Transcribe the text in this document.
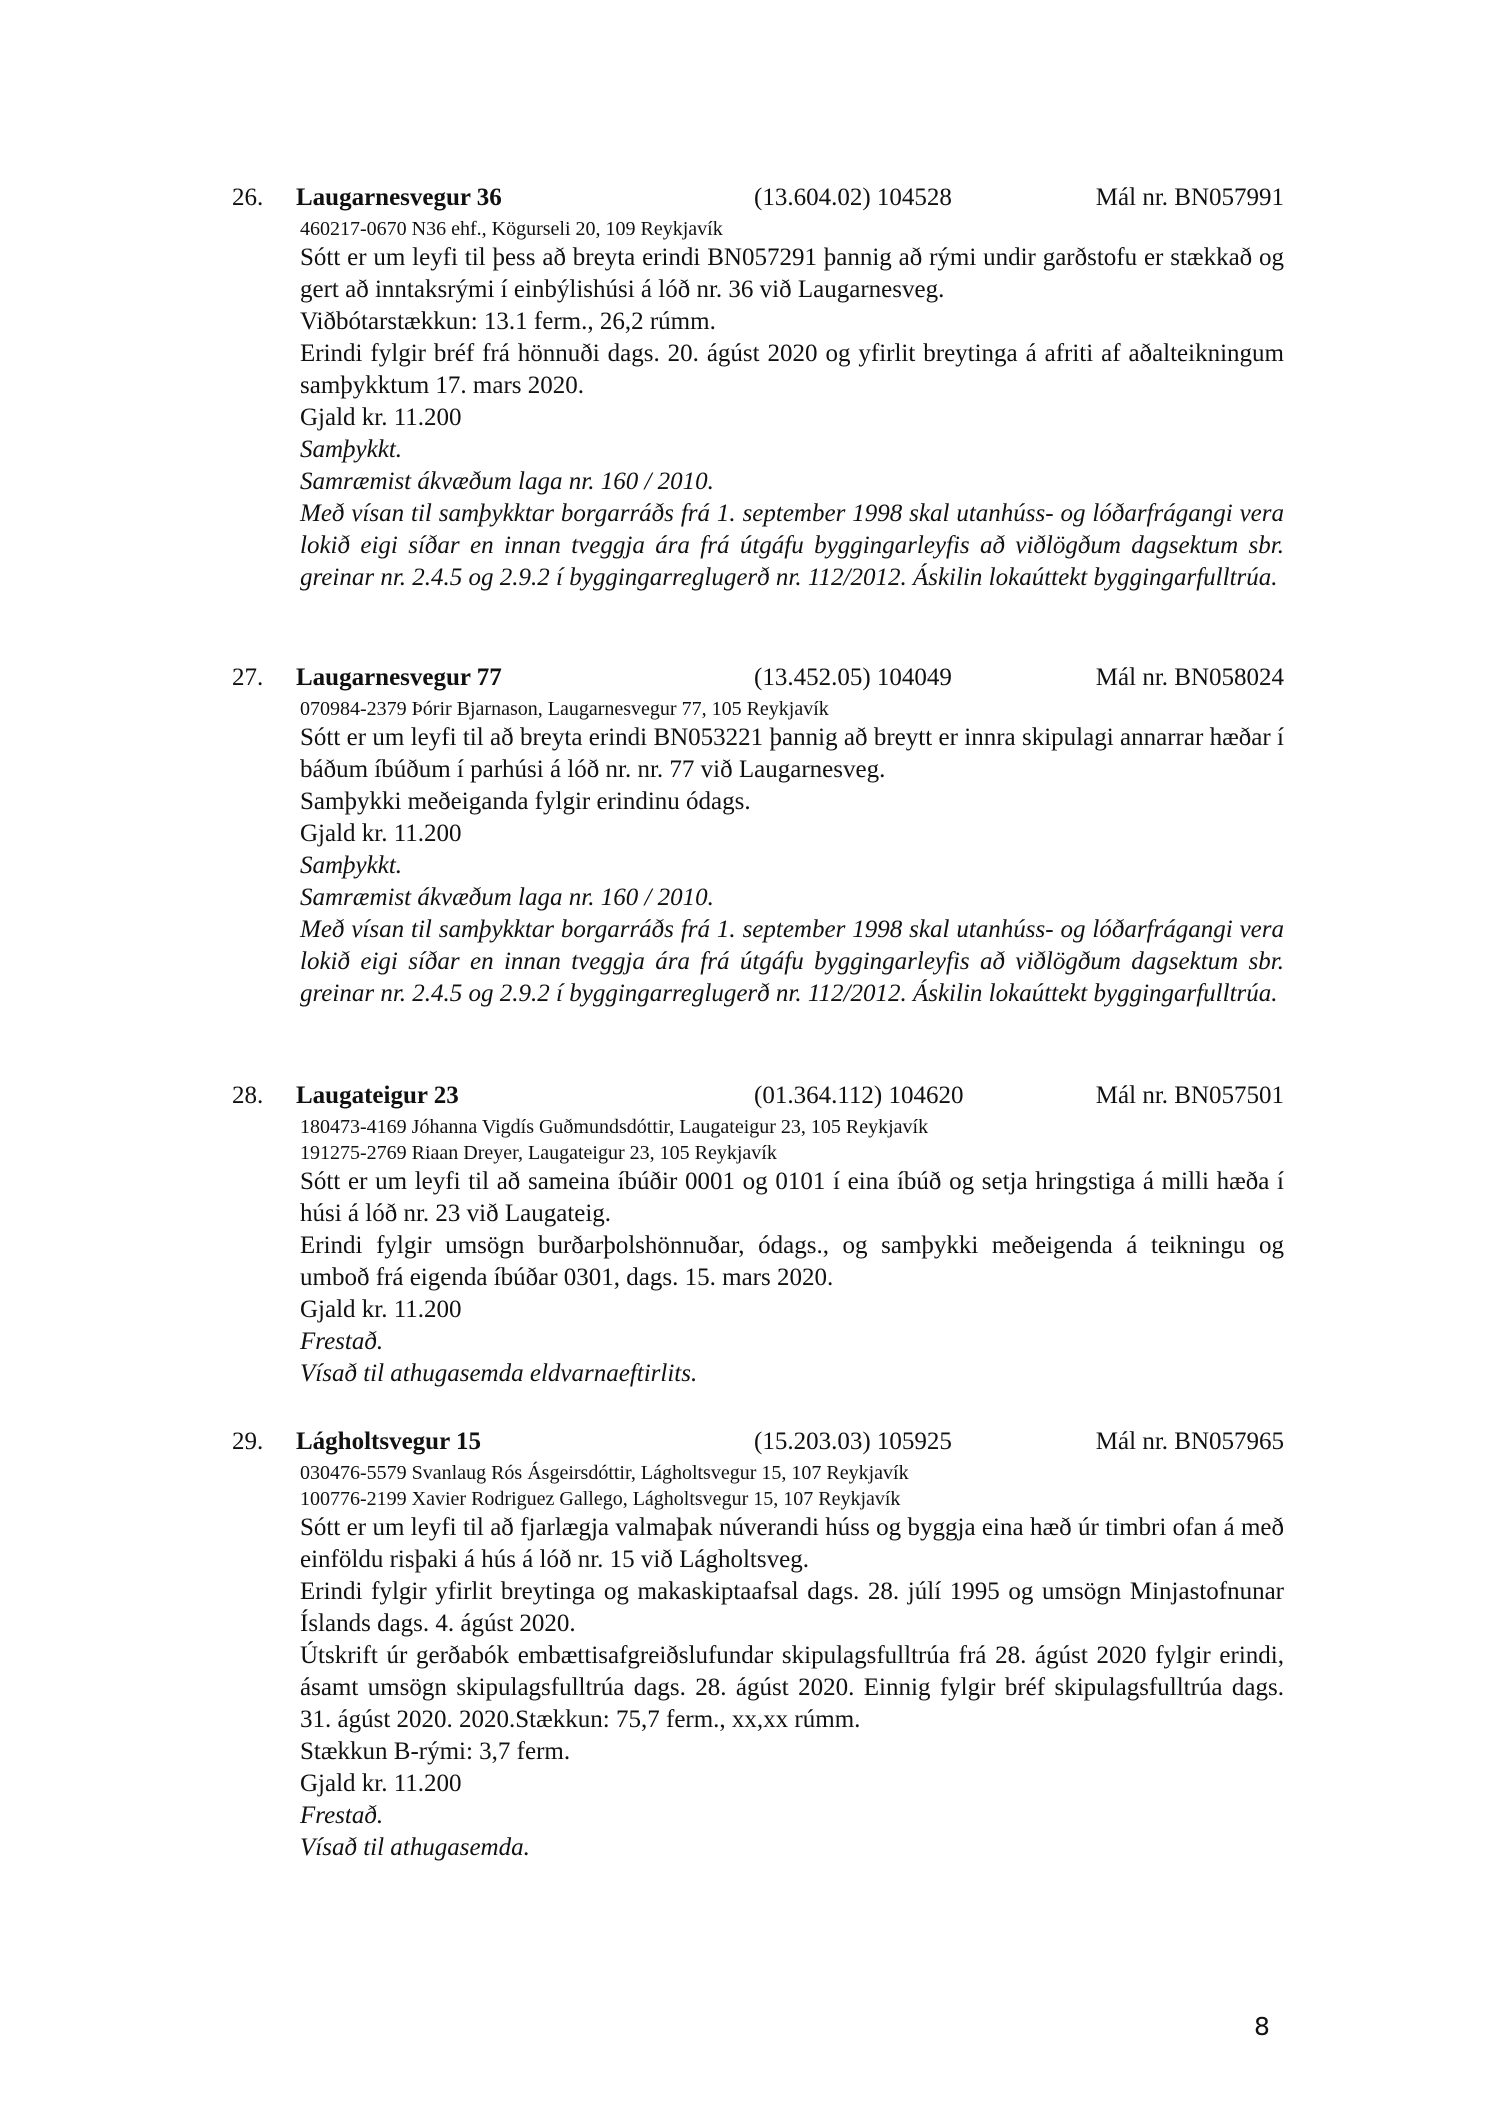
26. Laugarnesvegur 36	(13.604.02) 104528	Mál nr. BN057991
460217-0670 N36 ehf., Kögurseli 20, 109 Reykjavík

Sótt er um leyfi til þess að breyta erindi BN057291 þannig að rými undir garðstofu er stækkað og gert að inntaksrými í einbýlishúsi á lóð nr. 36 við Laugarnesveg.

Viðbótarstækkun: 13.1 ferm., 26,2 rúmm.

Erindi fylgir bréf frá hönnuði dags. 20. ágúst 2020 og yfirlit breytinga á afriti af aðalteikningum samþykktum 17. mars 2020.

Gjald kr. 11.200

Samþykkt.

Samræmist ákvæðum laga nr. 160 / 2010.

Með vísan til samþykktar borgarráðs frá 1. september 1998 skal utanhúss- og lóðarfrágangi vera lokið eigi síðar en innan tveggja ára frá útgáfu byggingarleyfis að viðlögðum dagsektum sbr. greinar nr. 2.4.5 og 2.9.2 í byggingarreglugerð nr. 112/2012. Áskilin lokaúttekt byggingarfulltrúa.

27. Laugarnesvegur 77	(13.452.05) 104049	Mál nr. BN058024
070984-2379 Þórir Bjarnason, Laugarnesvegur 77, 105 Reykjavík

Sótt er um leyfi til að breyta erindi BN053221 þannig að breytt er innra skipulagi annarrar hæðar í báðum íbúðum í parhúsi á lóð nr. nr. 77 við Laugarnesveg.

Samþykki meðeiganda fylgir erindinu ódags.

Gjald kr. 11.200

Samþykkt.

Samræmist ákvæðum laga nr. 160 / 2010.

Með vísan til samþykktar borgarráðs frá 1. september 1998 skal utanhúss- og lóðarfrágangi vera lokið eigi síðar en innan tveggja ára frá útgáfu byggingarleyfis að viðlögðum dagsektum sbr. greinar nr. 2.4.5 og 2.9.2 í byggingarreglugerð nr. 112/2012. Áskilin lokaúttekt byggingarfulltrúa.

28. Laugateigur 23	(01.364.112) 104620	Mál nr. BN057501
180473-4169 Jóhanna Vigdís Guðmundsdóttir, Laugateigur 23, 105 Reykjavík
191275-2769 Riaan Dreyer, Laugateigur 23, 105 Reykjavík

Sótt er um leyfi til að sameina íbúðir 0001 og 0101 í eina íbúð og setja hringstiga á milli hæða í húsi á lóð nr. 23 við Laugateig.

Erindi fylgir umsögn burðarþolshönnuðar, ódags., og samþykki meðeigenda á teikningu og umboð frá eigenda íbúðar 0301, dags. 15. mars 2020.

Gjald kr. 11.200

Frestað.

Vísað til athugasemda eldvarnaeftirlits.

29. Lágholtsvegur 15	(15.203.03) 105925	Mál nr. BN057965
030476-5579 Svanlaug Rós Ásgeirsdóttir, Lágholtsvegur 15, 107 Reykjavík
100776-2199 Xavier Rodriguez Gallego, Lágholtsvegur 15, 107 Reykjavík

Sótt er um leyfi til að fjarlægja valmaþak núverandi húss og byggja eina hæð úr timbri ofan á með einföldu risþaki á hús á lóð nr. 15 við Lágholtsveg.

Erindi fylgir yfirlit breytinga og makaskiptaafsal dags. 28. júlí 1995 og umsögn Minjastofnunar Íslands dags. 4. ágúst 2020.

Útskrift úr gerðabók embættisafgreiðslufundar skipulagsfulltrúa frá 28. ágúst 2020 fylgir erindi, ásamt umsögn skipulagsfulltrúa dags. 28. ágúst 2020. Einnig fylgir bréf skipulagsfulltrúa dags. 31. ágúst 2020. 2020.Stækkun: 75,7 ferm., xx,xx rúmm.

Stækkun B-rými: 3,7 ferm.

Gjald kr. 11.200

Frestað.

Vísað til athugasemda.

8
